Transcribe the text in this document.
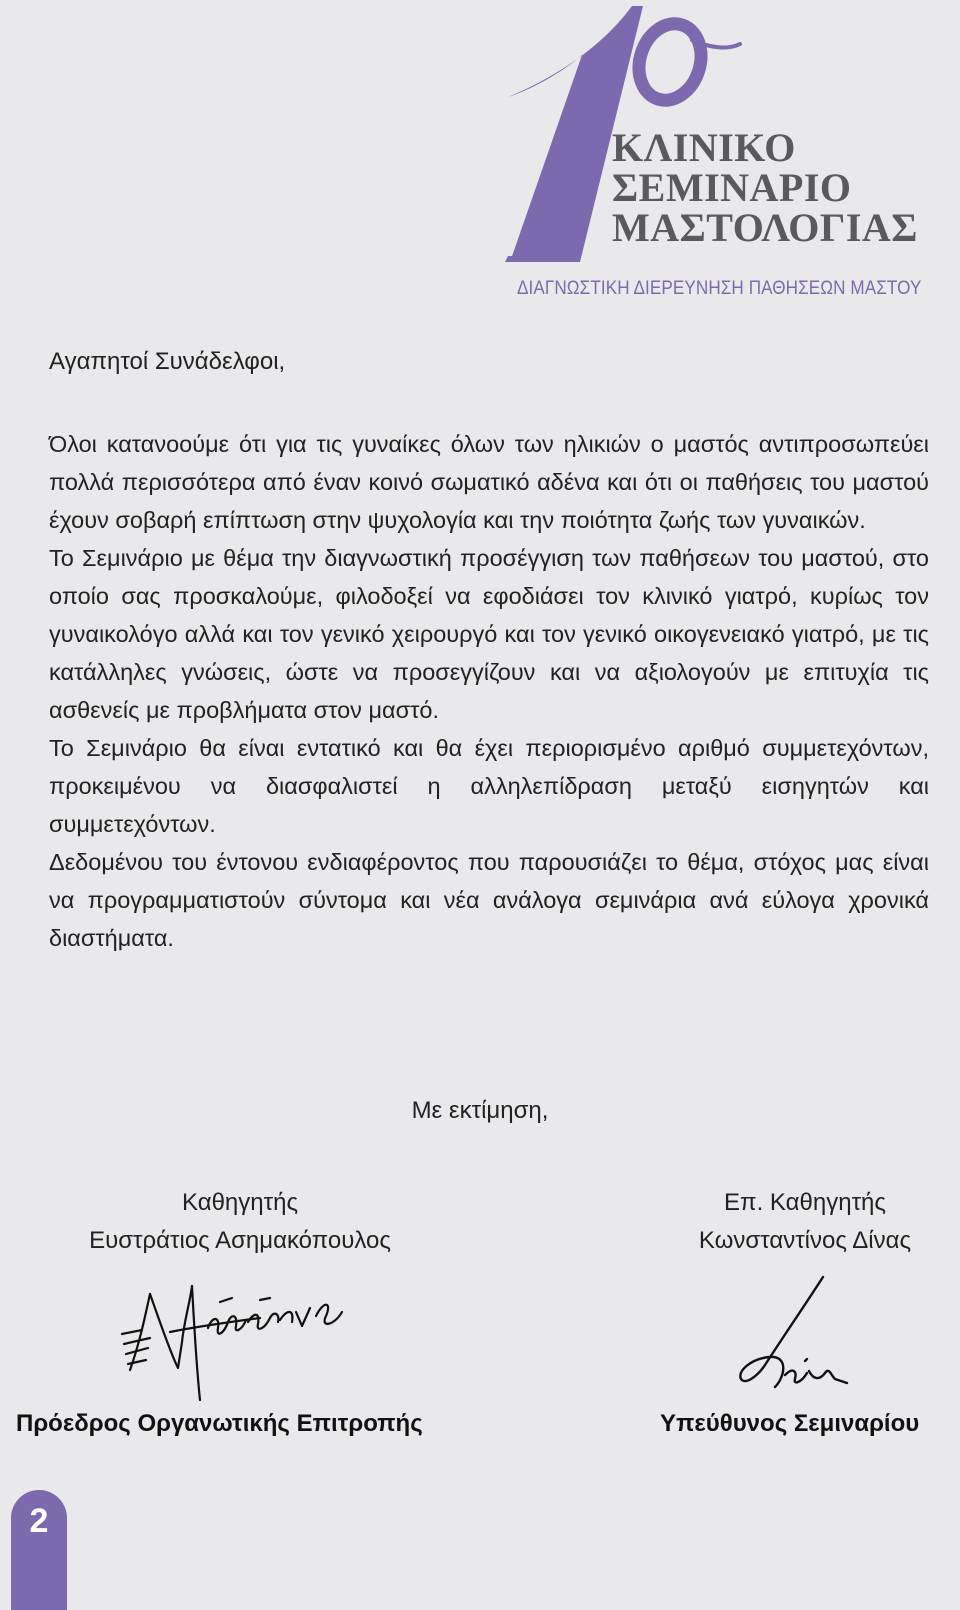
ΚΛΙΝΙΚΟ
ΣΕΜΙΝΑΡΙΟ
ΜΑΣΤΟΛΟΓΙΑΣ
ΔΙΑΓΝΩΣΤΙΚΗ ΔΙΕΡΕΥΝΗΣΗ ΠΑΘΗΣΕΩΝ ΜΑΣΤΟΥ

Αγαπητοί Συνάδελφοι,

Όλοι κατανοούμε ότι για τις γυναίκες όλων των ηλικιών ο μαστός αντιπροσωπεύει πολλά περισσότερα από έναν κοινό σωματικό αδένα και ότι οι παθήσεις του μαστού έχουν σοβαρή επίπτωση στην ψυχολογία και την ποιότητα ζωής των γυναικών.

Το Σεμινάριο με θέμα την διαγνωστική προσέγγιση των παθήσεων του μαστού, στο οποίο σας προσκαλούμε, φιλοδοξεί να εφοδιάσει τον κλινικό γιατρό, κυρίως τον γυναικολόγο αλλά και τον γενικό χειρουργό και τον γενικό οικογενειακό γιατρό, με τις κατάλληλες γνώσεις, ώστε να προσεγγίζουν και να αξιολογούν με επιτυχία τις ασθενείς με προβλήματα στον μαστό.

Το Σεμινάριο θα είναι εντατικό και θα έχει περιορισμένο αριθμό συμμετεχόντων, προκειμένου να διασφαλιστεί η αλληλεπίδραση μεταξύ εισηγητών και συμμετεχόντων.

Δεδομένου του έντονου ενδιαφέροντος που παρουσιάζει το θέμα, στόχος μας είναι να προγραμματιστούν σύντομα και νέα ανάλογα σεμινάρια ανά εύλογα χρονικά διαστήματα.

Με εκτίμηση,

Καθηγητής
Ευστράτιος Ασημακόπουλος
Επ. Καθηγητής
Κωνσταντίνος Δίνας

Πρόεδρος Οργανωτικής Επιτροπής	Υπεύθυνος Σεμιναρίου

2
